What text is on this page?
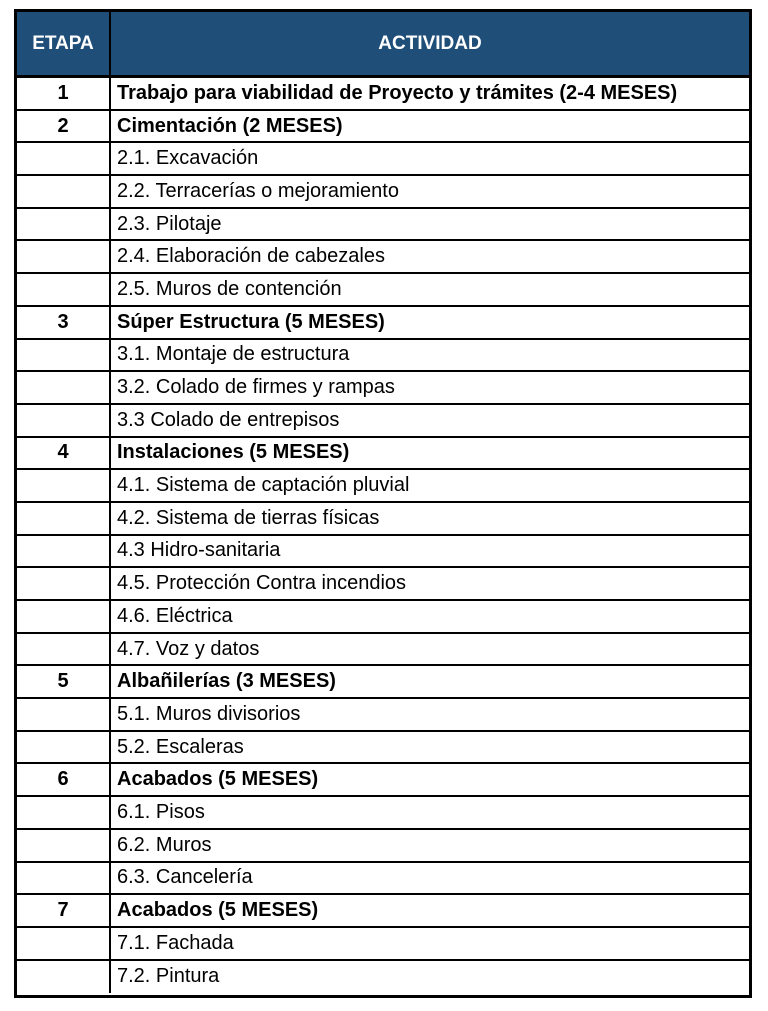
ETAPA	ACTIVIDAD
1	Trabajo para viabilidad de Proyecto y trámites (2-4 MESES)
2	Cimentación (2 MESES)
2.1. Excavación
2.2. Terracerías o mejoramiento
2.3. Pilotaje
2.4. Elaboración de cabezales
2.5. Muros de contención
3	Súper Estructura (5 MESES)
3.1. Montaje de estructura
3.2. Colado de firmes y rampas
3.3 Colado de entrepisos
4	Instalaciones (5 MESES)
4.1. Sistema de captación pluvial
4.2. Sistema de tierras físicas
4.3 Hidro-sanitaria
4.5. Protección Contra incendios
4.6. Eléctrica
4.7. Voz y datos
5	Albañilerías (3 MESES)
5.1. Muros divisorios
5.2. Escaleras
6	Acabados (5 MESES)
6.1. Pisos
6.2. Muros
6.3. Cancelería
7	Acabados (5 MESES)
7.1. Fachada
7.2. Pintura
